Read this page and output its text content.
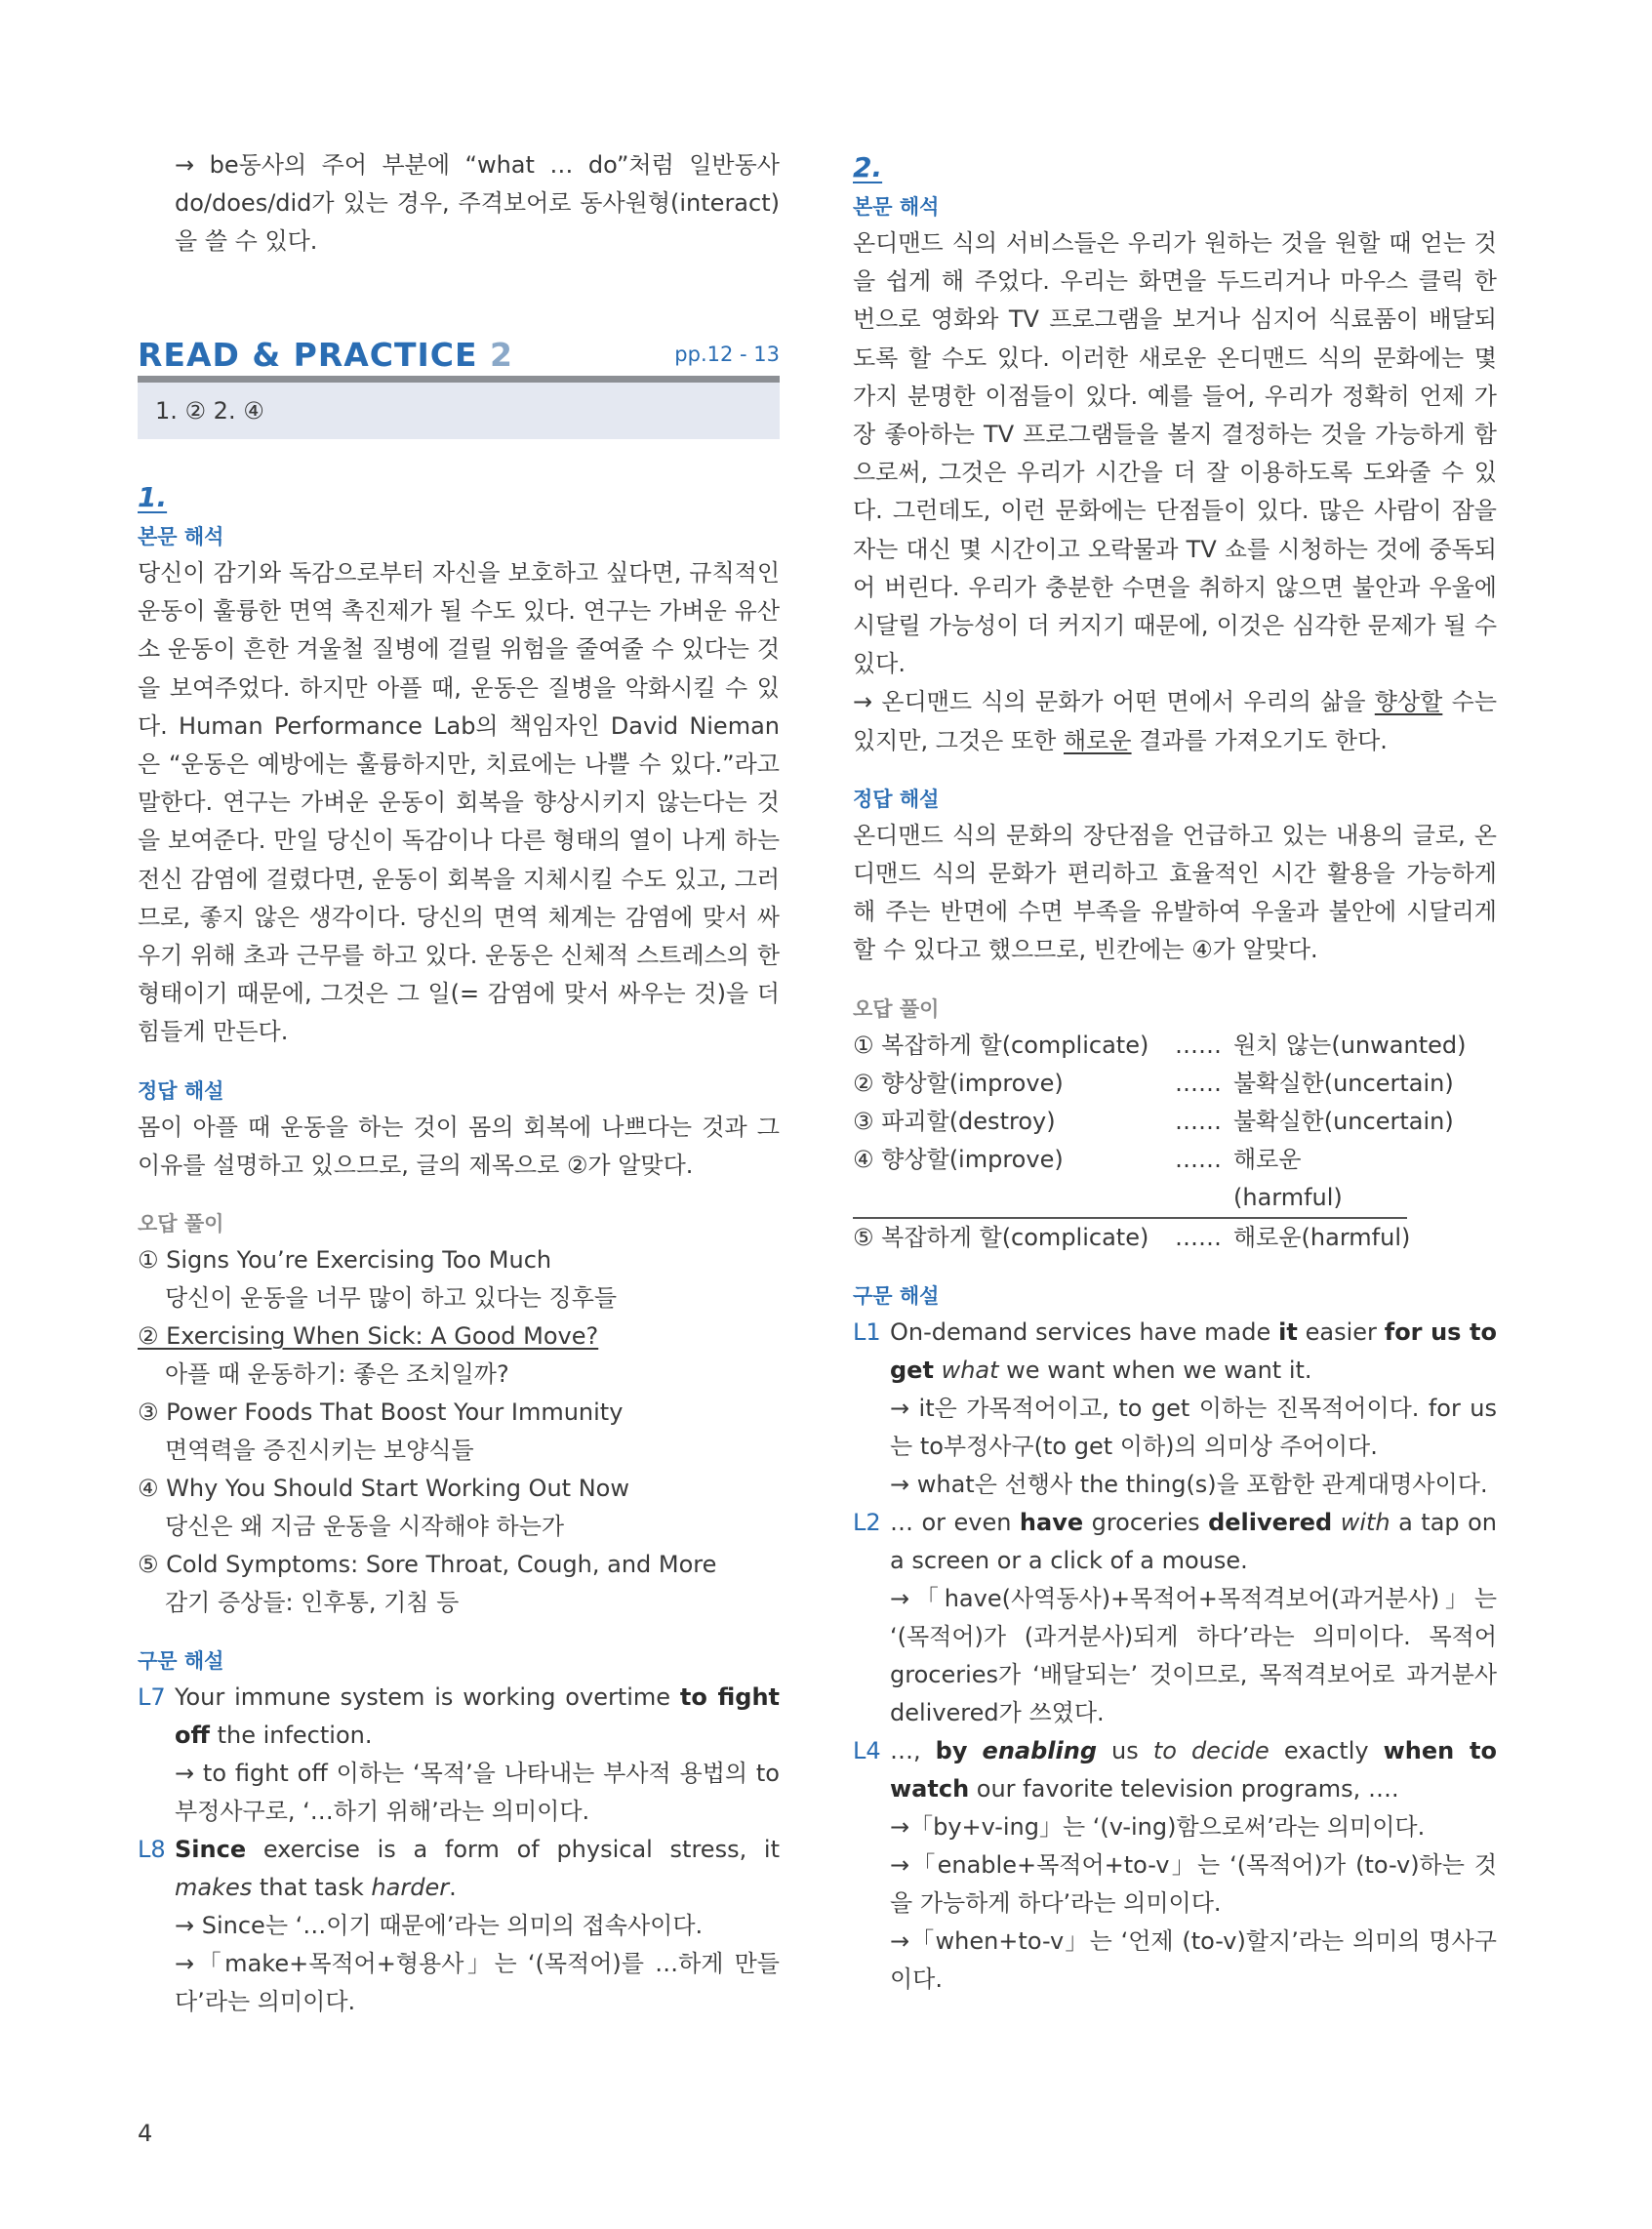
→ be동사의 주어 부분에 “what … do”처럼 일반동사 do/does/did가 있는 경우, 주격보어로 동사원형(interact)을 쓸 수 있다.

READ & PRACTICE 2	pp.12 - 13
1. ② 2. ④

1.

본문 해석

당신이 감기와 독감으로부터 자신을 보호하고 싶다면, 규칙적인 운동이 훌륭한 면역 촉진제가 될 수도 있다. 연구는 가벼운 유산소 운동이 흔한 겨울철 질병에 걸릴 위험을 줄여줄 수 있다는 것을 보여주었다. 하지만 아플 때, 운동은 질병을 악화시킬 수 있다. Human Performance Lab의 책임자인 David Nieman은 “운동은 예방에는 훌륭하지만, 치료에는 나쁠 수 있다.”라고 말한다. 연구는 가벼운 운동이 회복을 향상시키지 않는다는 것을 보여준다. 만일 당신이 독감이나 다른 형태의 열이 나게 하는 전신 감염에 걸렸다면, 운동이 회복을 지체시킬 수도 있고, 그러므로, 좋지 않은 생각이다. 당신의 면역 체계는 감염에 맞서 싸우기 위해 초과 근무를 하고 있다. 운동은 신체적 스트레스의 한 형태이기 때문에, 그것은 그 일(= 감염에 맞서 싸우는 것)을 더 힘들게 만든다.

정답 해설

몸이 아플 때 운동을 하는 것이 몸의 회복에 나쁘다는 것과 그 이유를 설명하고 있으므로, 글의 제목으로 ②가 알맞다.

오답 풀이

① Signs You’re Exercising Too Much

당신이 운동을 너무 많이 하고 있다는 징후들

② Exercising When Sick: A Good Move?

아플 때 운동하기: 좋은 조치일까?

③ Power Foods That Boost Your Immunity

면역력을 증진시키는 보양식들

④ Why You Should Start Working Out Now

당신은 왜 지금 운동을 시작해야 하는가

⑤ Cold Symptoms: Sore Throat, Cough, and More

감기 증상들: 인후통, 기침 등

구문 해설

L7 Your immune system is working overtime to fight off the infection.

→ to fight off 이하는 ‘목적’을 나타내는 부사적 용법의 to부정사구로, ‘…하기 위해’라는 의미이다.

L8 Since exercise is a form of physical stress, it makes that task harder.

→ Since는 ‘…이기 때문에’라는 의미의 접속사이다.

→「make+목적어+형용사」는 ‘(목적어)를 …하게 만들다’라는 의미이다.

2.

본문 해석

온디맨드 식의 서비스들은 우리가 원하는 것을 원할 때 얻는 것을 쉽게 해 주었다. 우리는 화면을 두드리거나 마우스 클릭 한 번으로 영화와 TV 프로그램을 보거나 심지어 식료품이 배달되도록 할 수도 있다. 이러한 새로운 온디맨드 식의 문화에는 몇 가지 분명한 이점들이 있다. 예를 들어, 우리가 정확히 언제 가장 좋아하는 TV 프로그램들을 볼지 결정하는 것을 가능하게 함으로써, 그것은 우리가 시간을 더 잘 이용하도록 도와줄 수 있다. 그런데도, 이런 문화에는 단점들이 있다. 많은 사람이 잠을 자는 대신 몇 시간이고 오락물과 TV 쇼를 시청하는 것에 중독되어 버린다. 우리가 충분한 수면을 취하지 않으면 불안과 우울에 시달릴 가능성이 더 커지기 때문에, 이것은 심각한 문제가 될 수 있다.

→ 온디맨드 식의 문화가 어떤 면에서 우리의 삶을 향상할 수는 있지만, 그것은 또한 해로운 결과를 가져오기도 한다.

정답 해설

온디맨드 식의 문화의 장단점을 언급하고 있는 내용의 글로, 온디맨드 식의 문화가 편리하고 효율적인 시간 활용을 가능하게 해 주는 반면에 수면 부족을 유발하여 우울과 불안에 시달리게 할 수 있다고 했으므로, 빈칸에는 ④가 알맞다.

오답 풀이

① 복잡하게 할(complicate)	…… 원치 않는(unwanted)
② 향상할(improve)	…… 불확실한(uncertain)
③ 파괴할(destroy)	…… 불확실한(uncertain)
④ 향상할(improve)	…… 해로운(harmful)
⑤ 복잡하게 할(complicate)	…… 해로운(harmful)

구문 해설

L1 On-demand services have made it easier for us to get what we want when we want it.

→ it은 가목적어이고, to get 이하는 진목적어이다. for us는 to부정사구(to get 이하)의 의미상 주어이다.

→ what은 선행사 the thing(s)을 포함한 관계대명사이다.

L2 … or even have groceries delivered with a tap on a screen or a click of a mouse.

→「have(사역동사)+목적어+목적격보어(과거분사)」는 ‘(목적어)가 (과거분사)되게 하다’라는 의미이다. 목적어 groceries가 ‘배달되는’ 것이므로, 목적격보어로 과거분사 delivered가 쓰였다.

L4 …, by enabling us to decide exactly when to watch our favorite television programs, ….

→「by+v-ing」는 ‘(v-ing)함으로써’라는 의미이다.

→「enable+목적어+to-v」는 ‘(목적어)가 (to-v)하는 것을 가능하게 하다’라는 의미이다.

→「when+to-v」는 ‘언제 (to-v)할지’라는 의미의 명사구이다.

4
